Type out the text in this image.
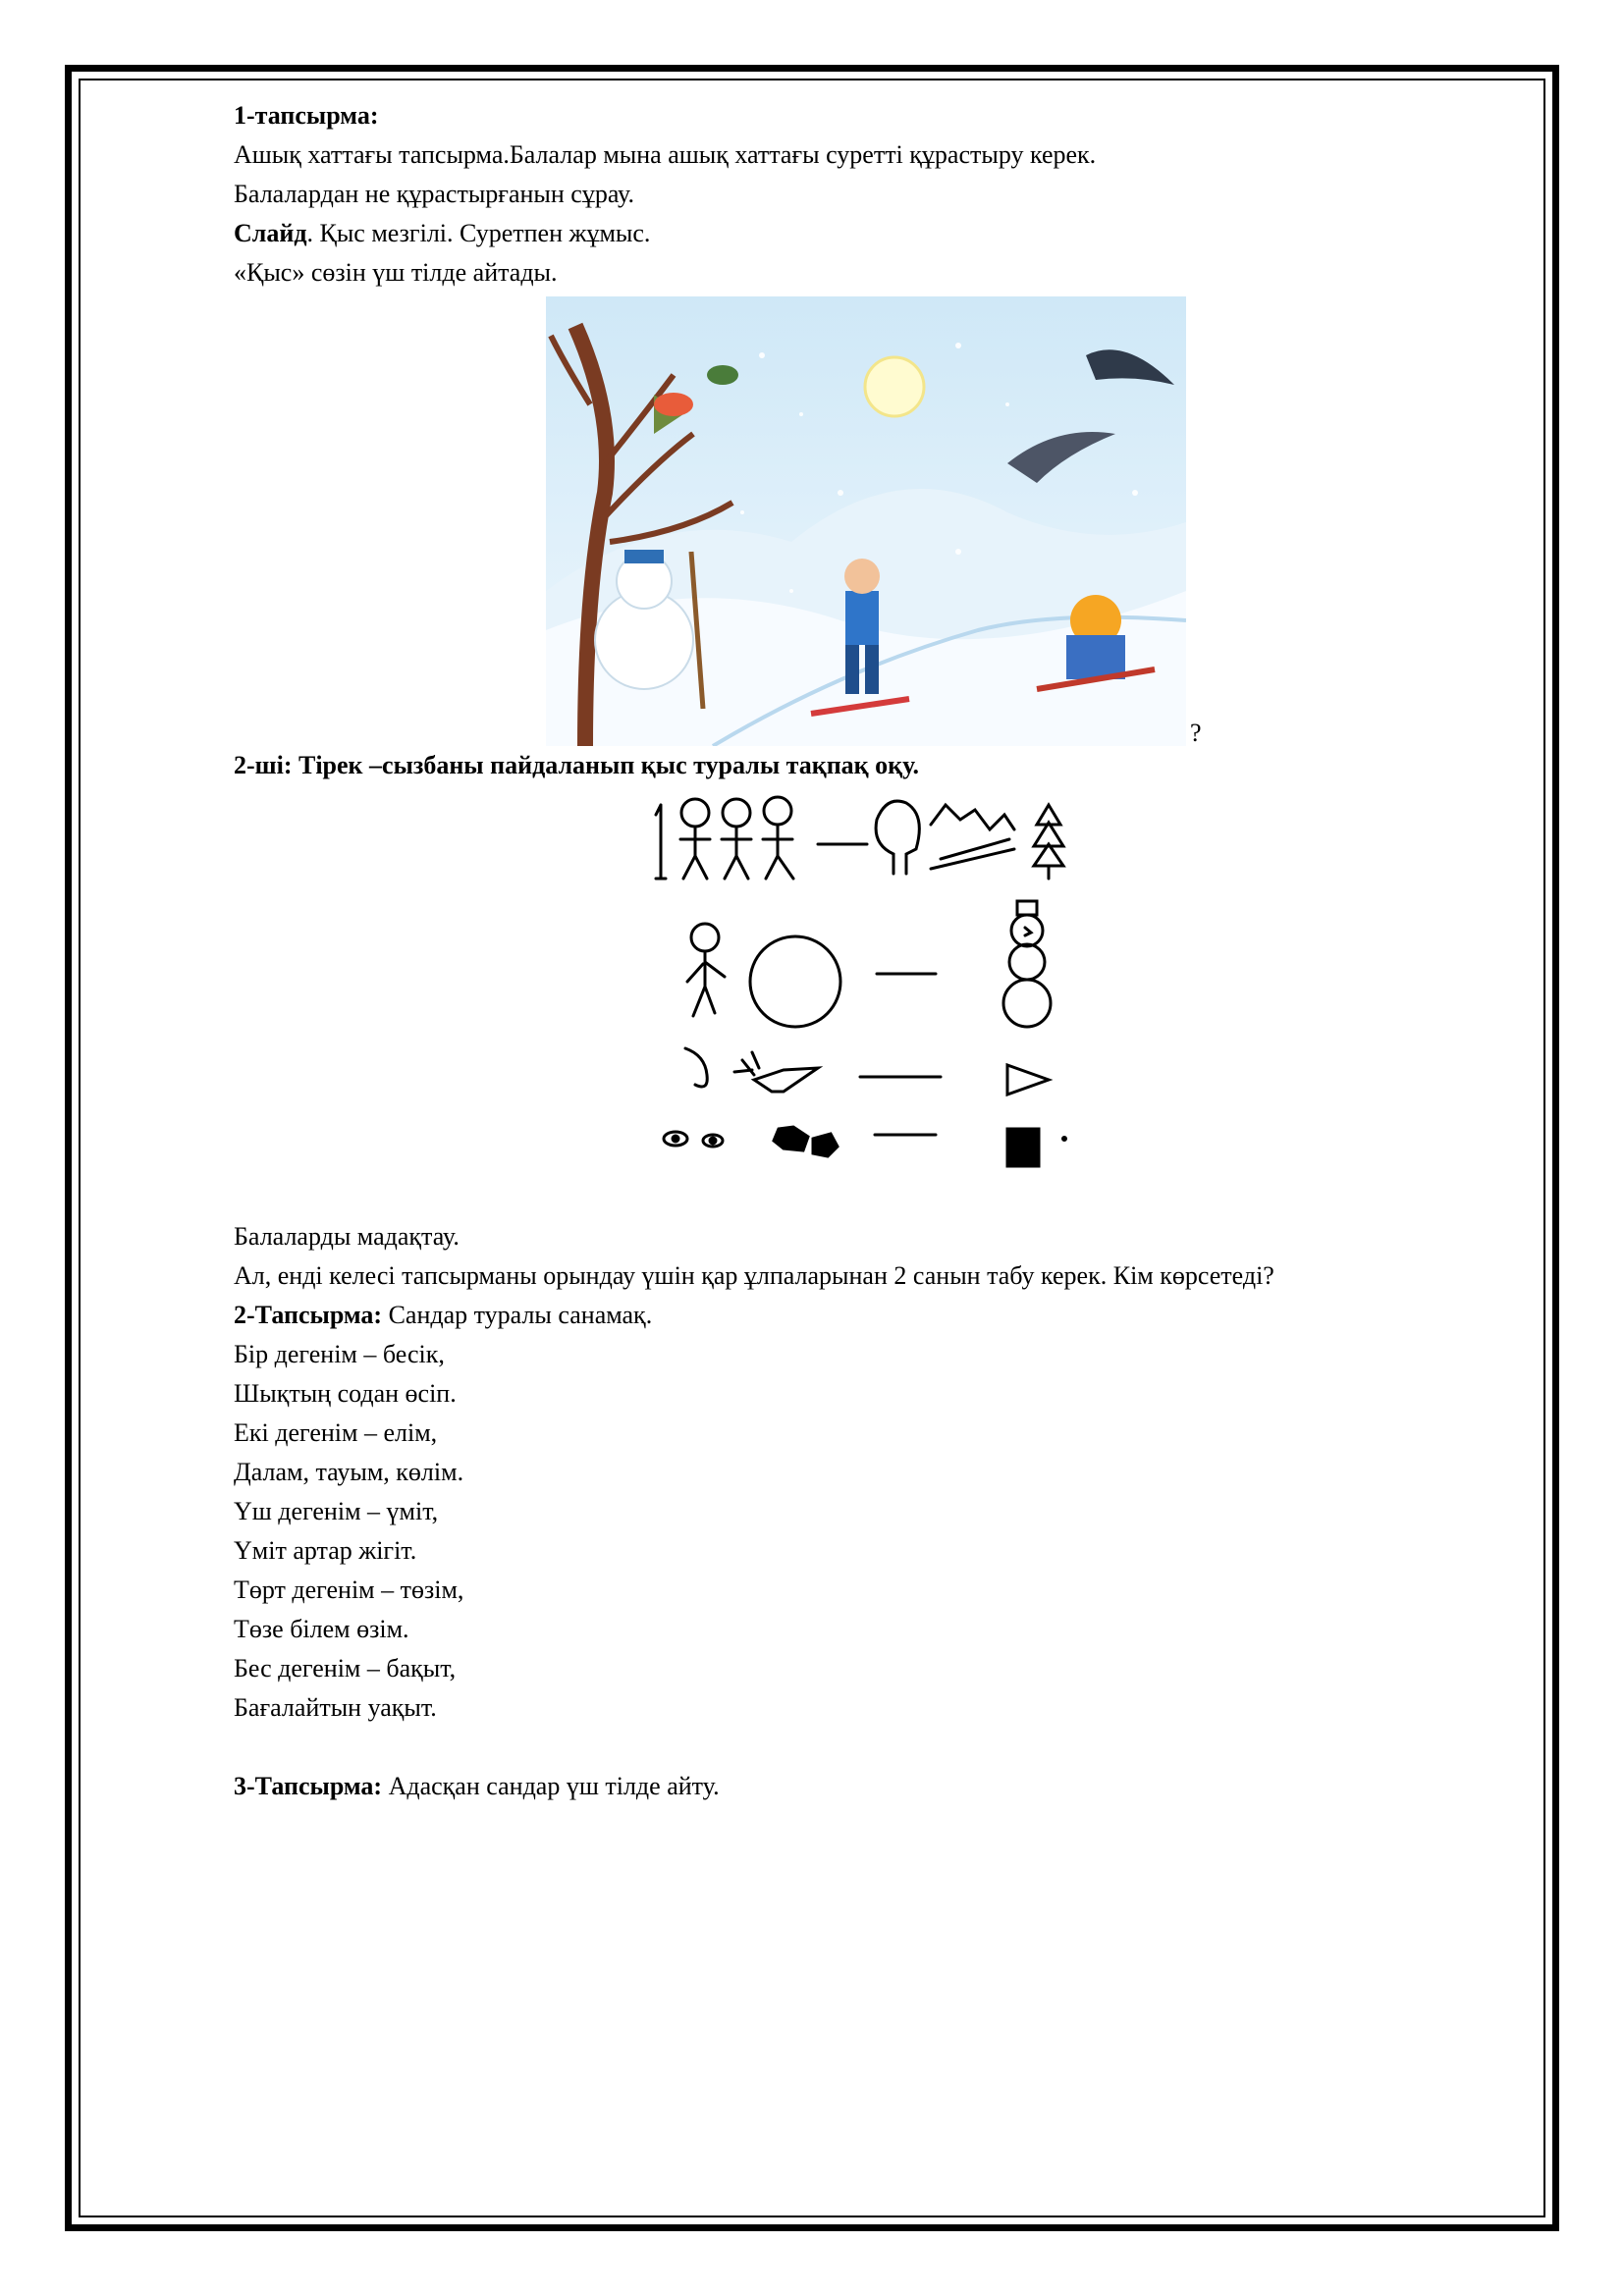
1-тапсырма:

Ашық хаттағы тапсырма.Балалар мына ашық хаттағы суретті құрастыру керек.

Балалардан не құрастырғанын сұрау.

Слайд. Қыс мезгілі. Суретпен жұмыс.

«Қыс» сөзін үш тілде айтады.

?

2-ші: Тірек –сызбаны пайдаланып қыс туралы тақпақ оқу.

Балаларды мадақтау.

Ал, енді келесі тапсырманы орындау үшін қар ұлпаларынан 2 санын табу керек. Кім көрсетеді?

2-Тапсырма: Сандар туралы санамақ.

Бір дегенім – бесік,

Шықтың содан өсіп.

Екі дегенім – елім,

Далам, тауым, көлім.

Үш дегенім – үміт,

Үміт артар жігіт.

Төрт дегенім – төзім,

Төзе білем өзім.

Бес дегенім – бақыт,

Бағалайтын уақыт.

3-Тапсырма: Адасқан сандар үш тілде айту.
